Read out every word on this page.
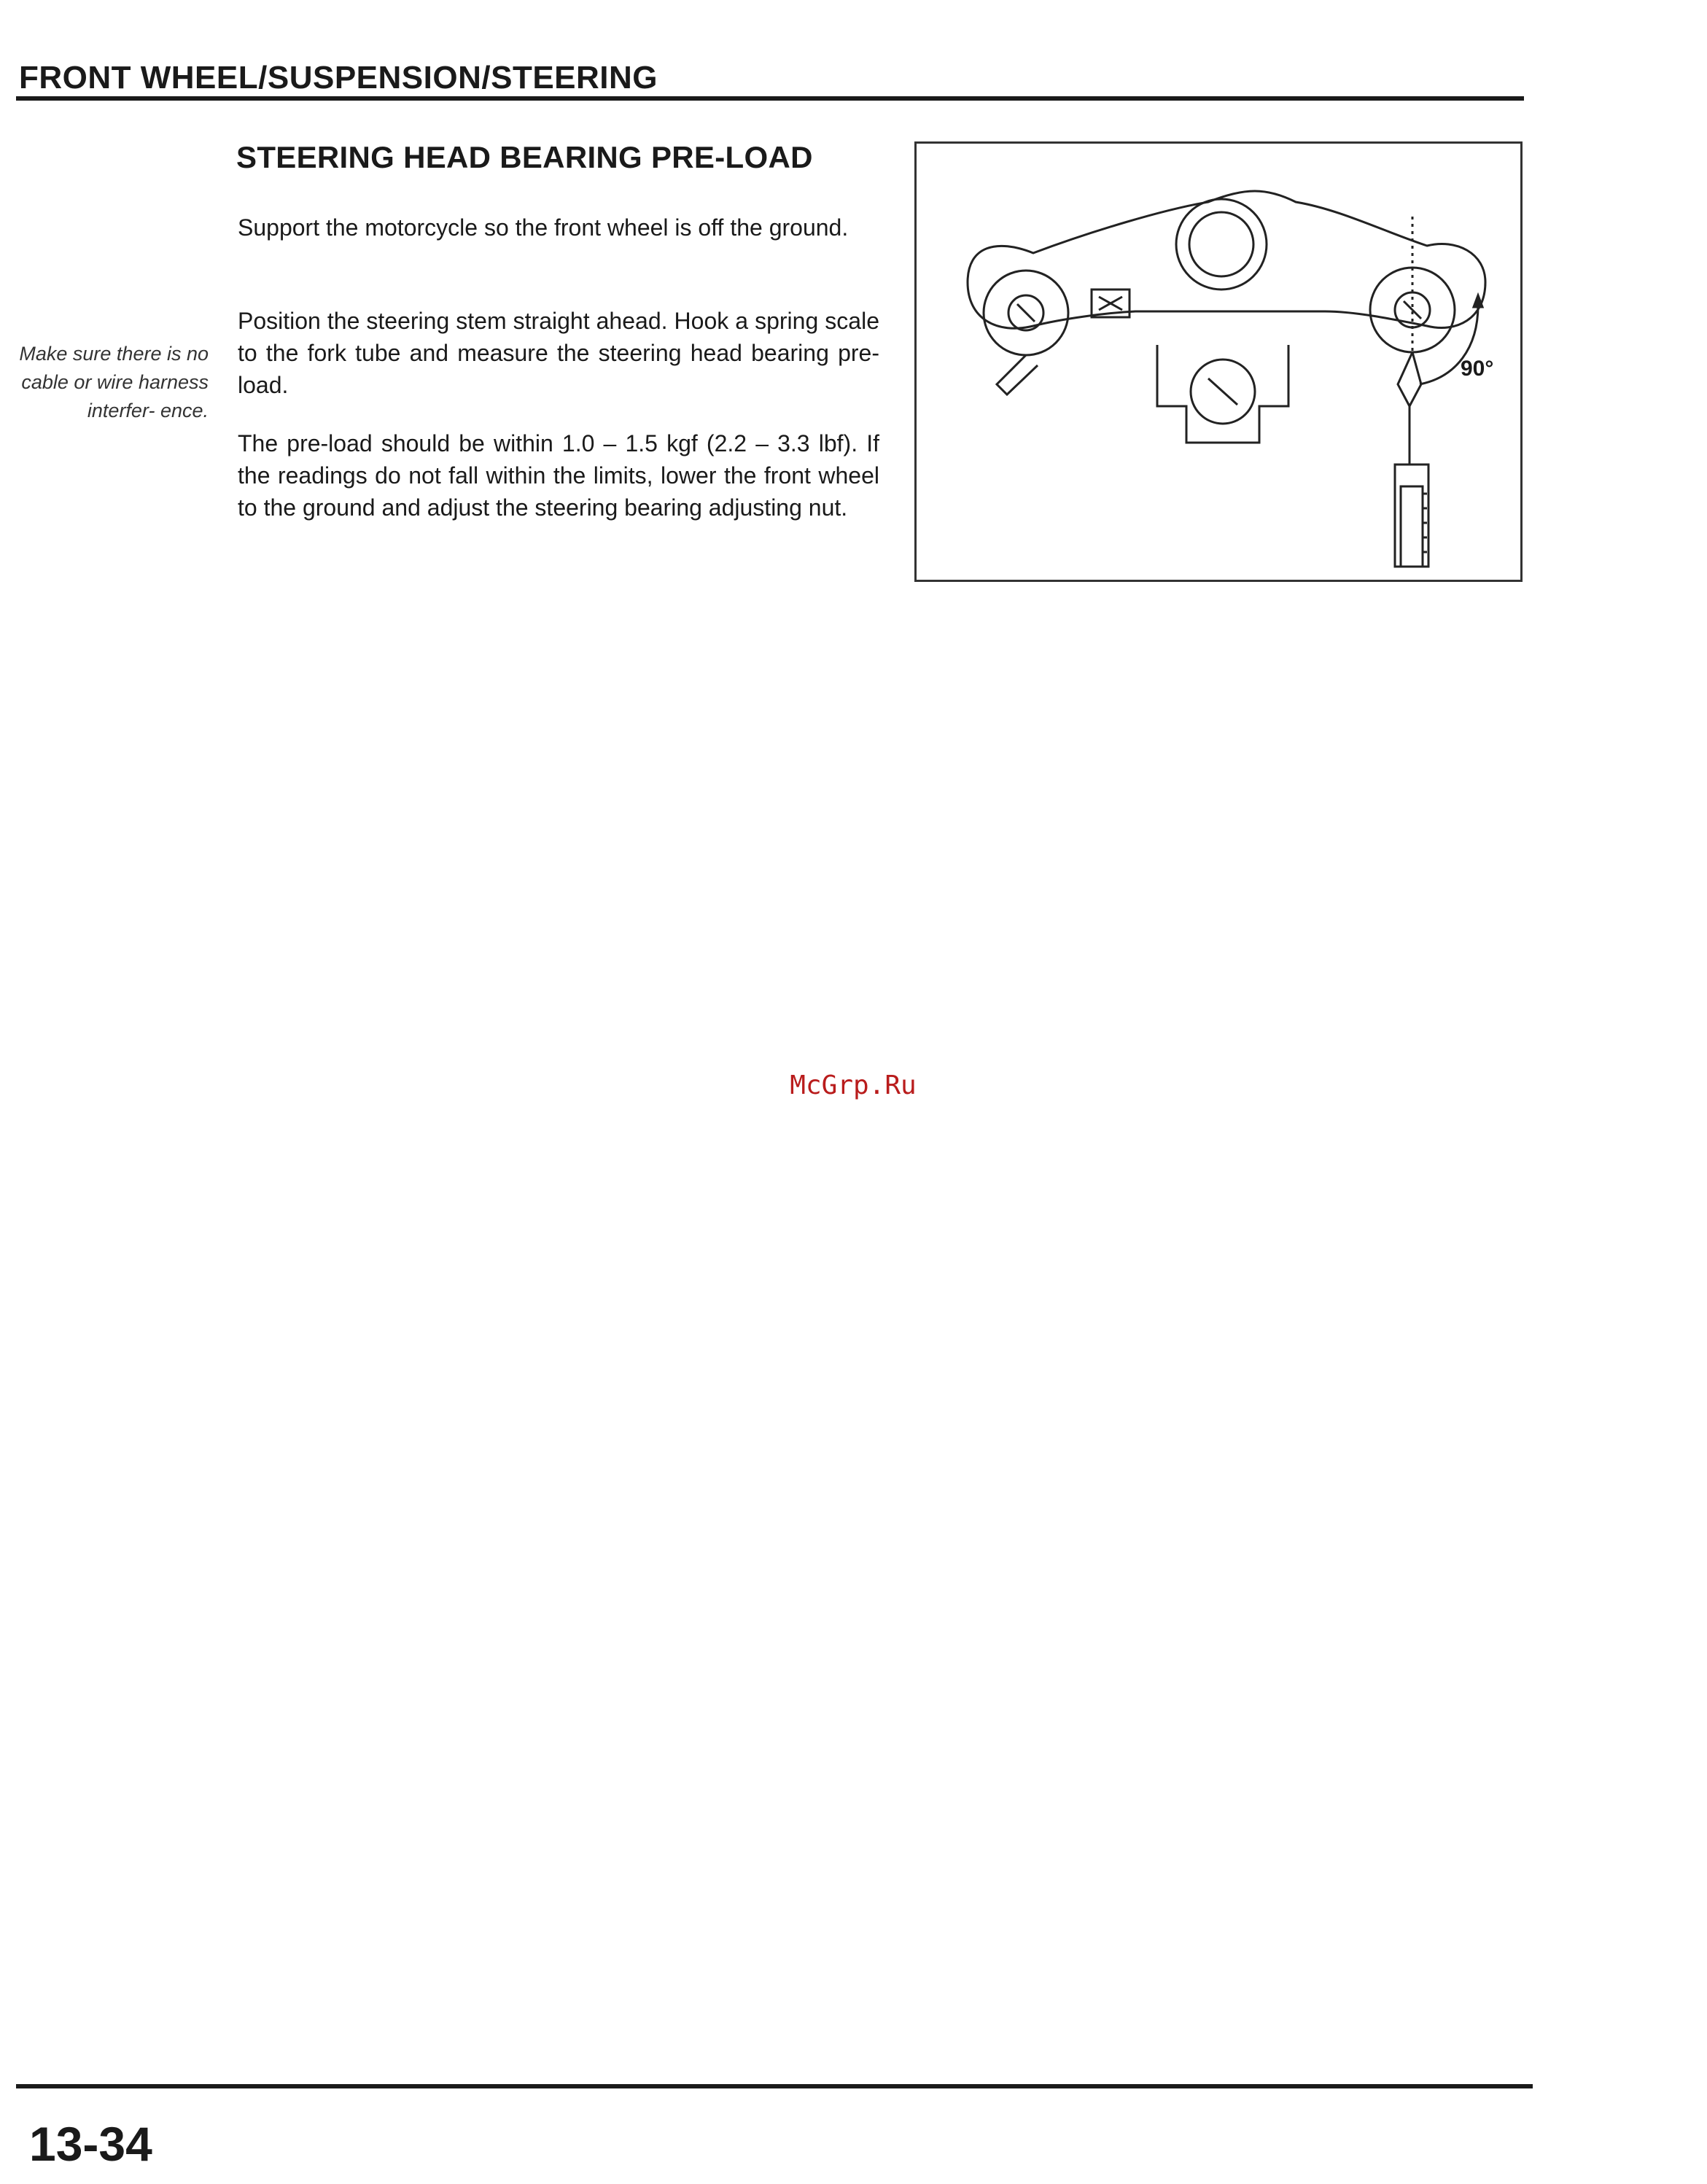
FRONT WHEEL/SUSPENSION/STEERING
STEERING HEAD BEARING PRE-LOAD

Support the motorcycle so the front wheel is off the ground.

Position the steering stem straight ahead. Hook a spring scale to the fork tube and measure the steering head bearing pre-load.

The pre-load should be within 1.0 – 1.5 kgf (2.2 – 3.3 lbf). If the readings do not fall within the limits, lower the front wheel to the ground and adjust the steering bearing adjusting nut.

Make sure there is no cable or wire harness interfer- ence.

90°
McGrp.Ru

13-34
